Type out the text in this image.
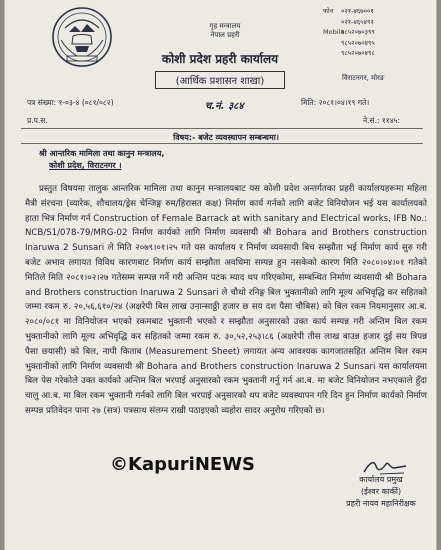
गृह मन्त्रालय
नेपाल प्रहरी
कोशी प्रदेश प्रहरी कार्यालय
(आर्थिक प्रशासन शाखा)
फोन	०२१-४६७००१
०२१-४६५४९२
Mobile
९८५२०७०३९९
९८५२०७०४९५
९८५२०७०४९८
विराटनगर, मोरङ
पत्र संख्या: १-०३-४ (०८१/०८२)	च.नं. ३८४	मिति: २०८१।०४।१९ गते।
प्र.प.स.	ने.सं.: ११४५:
विषय:- बजेट व्यवस्थापन सम्बन्धमा।
श्री आन्तरिक मामिला तथा कानुन मन्त्रालय,
कोशी प्रदेश, विराटनगर ।

प्रस्तुत विषयमा तालुक आन्तरिक मामिला तथा कानुन मन्त्रालयबाट यस कोशी प्रदेश अन्तर्गतका प्रहरी कार्यालयहरूमा महिला मैत्री संरचना (व्यारेक, शौचालय/ड्रेस चेन्जिङ्ग रुम/हिरासत कक्ष) निर्माण कार्य गर्नको लागि बजेट विनियोजन भई यस कार्यालयको हाता भित्र निर्माण गर्न Construction of Female Barrack at with sanitary and Electrical works, IFB No.: NCB/S1/078-79/MRG-02 निर्माण कार्यको लागि निर्माण व्यवसायी श्री Bohara and Brothers construction Inaruwa 2 Sunsari ले मिति २०७९।०१।२५ गते यस कार्यालय र निर्माण व्यवसायी बिच सम्झौता भई निर्माण कार्य सुरु गरी बजेट अभाव लगायत विविध कारणबाट निर्माण कार्य सम्झौता अवधिमा सम्पन्न हुन नसकेको कारण मिति २०८०।०४।०१ गतेको मितिले मिति २०८१।०२।२७ गतेसम्म सम्पन्न गर्ने गरी अन्तिम पटक म्याद थप गरिएकोमा, सम्बन्धित निर्माण व्यवसायी श्री Bohara and Brothers construction Inaruwa 2 Sunsari ले चौथो रनिङ्ग बिल भुक्तानीको लागि मूल्य अभिवृद्धि कर सहितको जम्मा रकम रु. २०,५६,६१०/२४ (अक्षरेपी बिस लाख उनान्साठ्ठी हजार छ सय दश पैसा चौबिस) को बिल रकम नियमानुसार आ.ब. २०८०/०८१ मा विनियोजन भएको रकमबाट भुक्तानी भएको र सम्झौता अनुसारको उक्त कार्य सम्पन्न गरी अन्तिम बिल रकम भुक्तानीको लागि मूल्य अभिवृद्धि कर सहितको जम्मा रकम रु. ३०,५२,२५३।८६ (अक्षरेपी तीस लाख बाउन्न हजार दुई सय त्रिपन्न पैसा छयासी) को बिल, नापी किताब (Measurement Sheet) लगायत अन्य आवश्यक कागजातसहित अन्तिम बिल रकम भुक्तानीको लागि निर्माण व्यवसायी श्री Bohara and Brothers construction Inaruwa 2 Sunsari यस कार्यालयमा बिल पेस गरेकोले उक्त कार्यको अन्तिम बिल भरपाई अनुसारको रकम भुक्तानी गर्नु गर्न आ.ब. मा बजेट विनियोजन नभएकाले हुँदा चालु आ.ब. मा बिल रकम भुक्तानी गर्नको लागि बिल भरपाई अनुसारको थप बजेट व्यवस्थापन गरि दिन हुन निर्माण कार्यको निर्माण सम्पन्न प्रतिवेदन पाना २७ (सत्र) पत्रसाथ संलग्न राखी पठाइएको व्यहोरा सादर अनुरोध गरिएको छ।

©KapuriNEWS
कार्यालय प्रमुख
(ईश्वर कार्की)
प्रहरी नायव महानिरीक्षक
